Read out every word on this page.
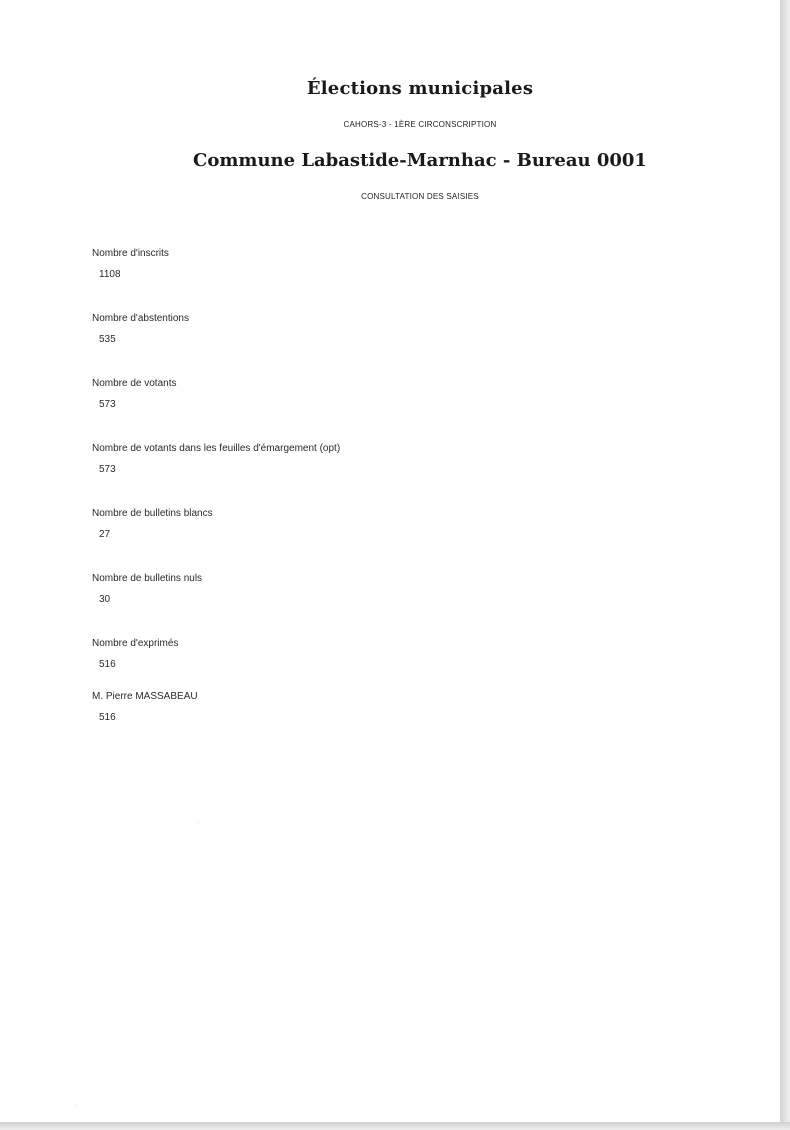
Élections municipales
CAHORS-3 - 1ÈRE CIRCONSCRIPTION
Commune Labastide-Marnhac - Bureau 0001
CONSULTATION DES SAISIES
Nombre d'inscrits
1108
Nombre d'abstentions
535
Nombre de votants
573
Nombre de votants dans les feuilles d'émargement (opt)
573
Nombre de bulletins blancs
27
Nombre de bulletins nuls
30
Nombre d'exprimés
516
M. Pierre MASSABEAU
516
